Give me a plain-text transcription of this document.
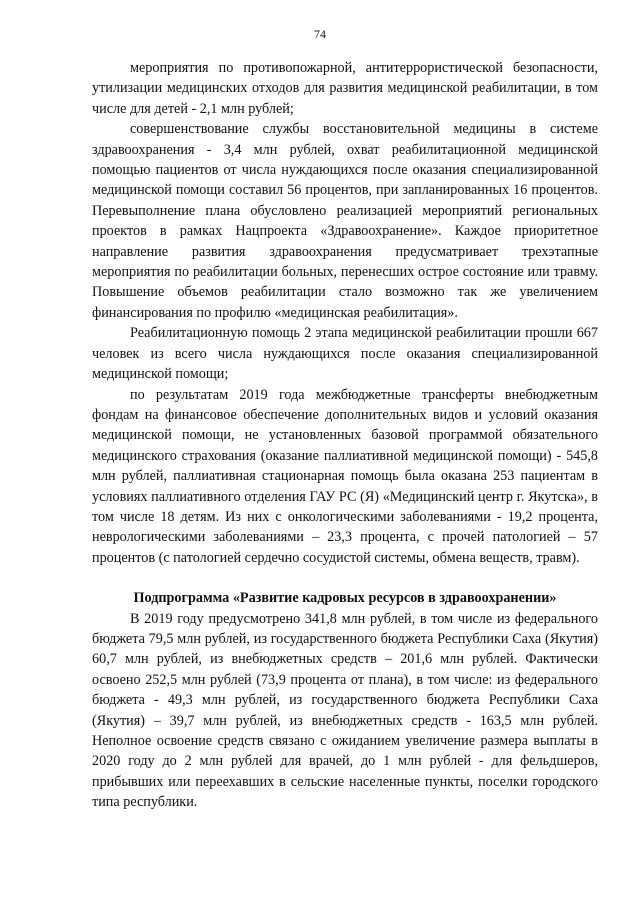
74

мероприятия по противопожарной, антитеррористической безопасности, утилизации медицинских отходов для развития медицинской реабилитации, в том числе для детей - 2,1 млн рублей;

совершенствование службы восстановительной медицины в системе здравоохранения - 3,4 млн рублей, охват реабилитационной медицинской помощью пациентов от числа нуждающихся после оказания специализированной медицинской помощи составил 56 процентов, при запланированных 16 процентов. Перевыполнение плана обусловлено реализацией мероприятий региональных проектов в рамках Нацпроекта «Здравоохранение». Каждое приоритетное направление развития здравоохранения предусматривает трехэтапные мероприятия по реабилитации больных, перенесших острое состояние или травму. Повышение объемов реабилитации стало возможно так же увеличением финансирования по профилю «медицинская реабилитация».

Реабилитационную помощь 2 этапа медицинской реабилитации прошли 667 человек из всего числа нуждающихся после оказания специализированной медицинской помощи;

по результатам 2019 года межбюджетные трансферты внебюджетным фондам на финансовое обеспечение дополнительных видов и условий оказания медицинской помощи, не установленных базовой программой обязательного медицинского страхования (оказание паллиативной медицинской помощи) - 545,8 млн рублей, паллиативная стационарная помощь была оказана 253 пациентам в условиях паллиативного отделения ГАУ РС (Я) «Медицинский центр г. Якутска», в том числе 18 детям. Из них с онкологическими заболеваниями - 19,2 процента, неврологическими заболеваниями – 23,3 процента, с прочей патологией – 57 процентов (с патологией сердечно сосудистой системы, обмена веществ, травм).

Подпрограмма «Развитие кадровых ресурсов в здравоохранении»

В 2019 году предусмотрено 341,8 млн рублей, в том числе из федерального бюджета 79,5 млн рублей, из государственного бюджета Республики Саха (Якутия) 60,7 млн рублей, из внебюджетных средств – 201,6 млн рублей. Фактически освоено 252,5 млн рублей (73,9 процента от плана), в том числе: из федерального бюджета - 49,3 млн рублей, из государственного бюджета Республики Саха (Якутия) – 39,7 млн рублей, из внебюджетных средств - 163,5 млн рублей. Неполное освоение средств связано с ожиданием увеличение размера выплаты в 2020 году до 2 млн рублей для врачей, до 1 млн рублей - для фельдшеров, прибывших или переехавших в сельские населенные пункты, поселки городского типа республики.
